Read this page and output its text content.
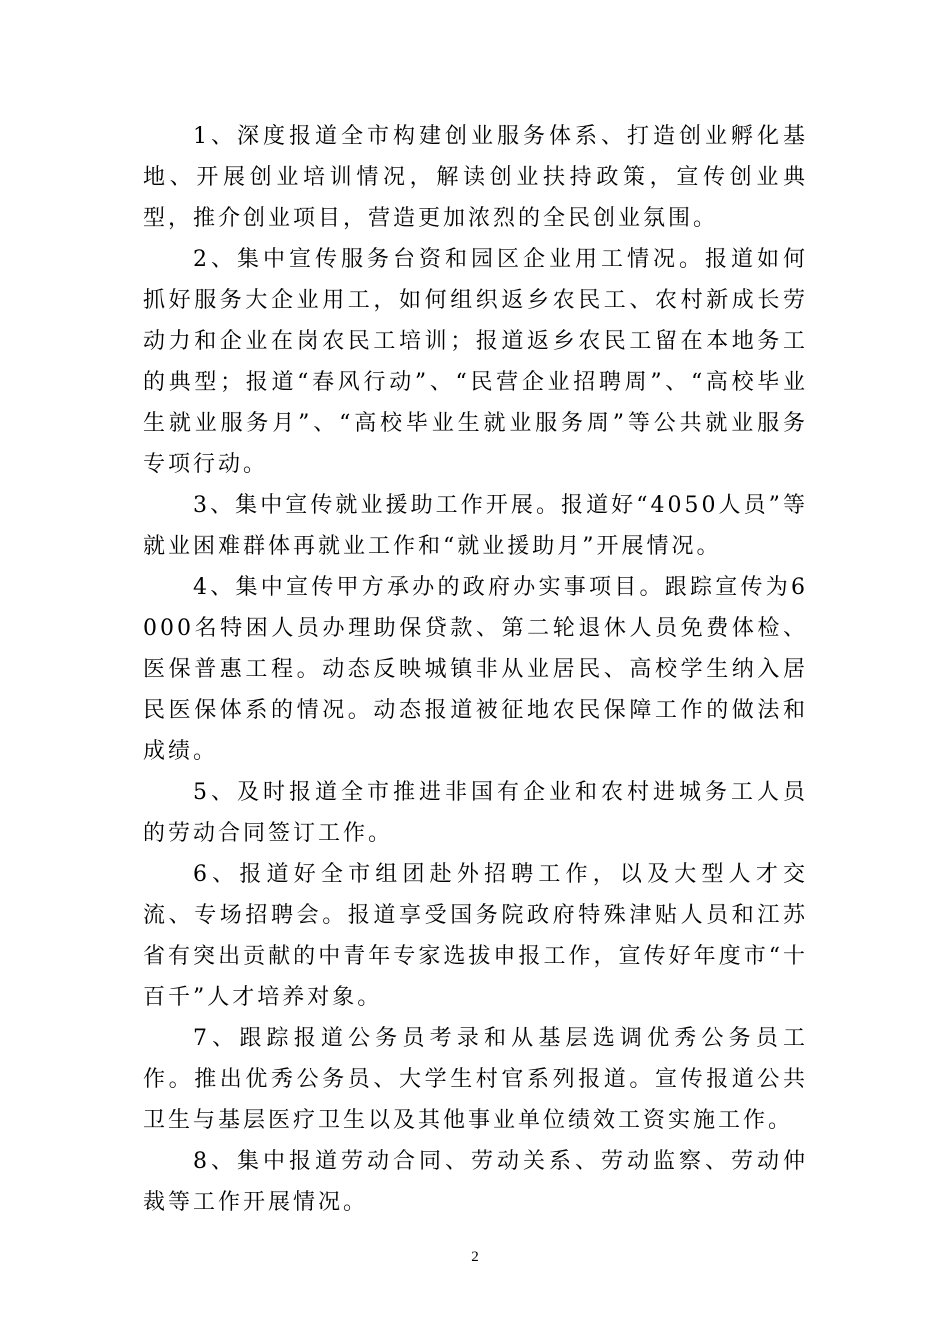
1、深度报道全市构建创业服务体系、打造创业孵化基地、开展创业培训情况，解读创业扶持政策，宣传创业典型，推介创业项目，营造更加浓烈的全民创业氛围。

2、集中宣传服务台资和园区企业用工情况。报道如何抓好服务大企业用工，如何组织返乡农民工、农村新成长劳动力和企业在岗农民工培训；报道返乡农民工留在本地务工的典型；报道“春风行动”、“民营企业招聘周”、“高校毕业生就业服务月”、“高校毕业生就业服务周”等公共就业服务专项行动。

3、集中宣传就业援助工作开展。报道好“4050人员”等就业困难群体再就业工作和“就业援助月”开展情况。

4、集中宣传甲方承办的政府办实事项目。跟踪宣传为6000名特困人员办理助保贷款、第二轮退休人员免费体检、医保普惠工程。动态反映城镇非从业居民、高校学生纳入居民医保体系的情况。动态报道被征地农民保障工作的做法和成绩。

5、及时报道全市推进非国有企业和农村进城务工人员的劳动合同签订工作。

6、报道好全市组团赴外招聘工作，以及大型人才交流、专场招聘会。报道享受国务院政府特殊津贴人员和江苏省有突出贡献的中青年专家选拔申报工作，宣传好年度市“十百千”人才培养对象。

7、跟踪报道公务员考录和从基层选调优秀公务员工作。推出优秀公务员、大学生村官系列报道。宣传报道公共卫生与基层医疗卫生以及其他事业单位绩效工资实施工作。

8、集中报道劳动合同、劳动关系、劳动监察、劳动仲裁等工作开展情况。

2
